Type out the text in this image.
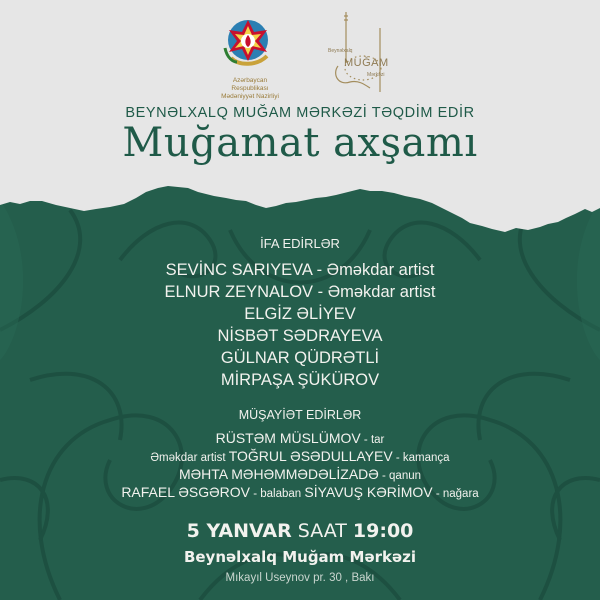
Azərbaycan Respublikası
Mədəniyyət Nazirliyi
Beynəlxalq
MUĞAM
Mərkəzi
BEYNƏLXALQ MUĞAM MƏRKƏZİ TƏQDİM EDİR
Muğamat axşamı
İFA EDİRLƏR
SEVİNC SARIYEVA - Əməkdar artist
ELNUR ZEYNALOV - Əməkdar artist
ELGİZ ƏLİYEV
NİSBƏT SƏDRAYEVA
GÜLNAR QÜDRƏTLİ
MİRPAŞA ŞÜKÜROV
MÜŞAYİƏT EDİRLƏR
RÜSTƏM MÜSLÜMOV - tar
Əməkdar artist TOĞRUL ƏSƏDULLAYEV - kamança
MƏHTA MƏHƏMMƏDƏLİZADƏ - qanun
RAFAEL ƏSGƏROV - balaban SİYAVUŞ KƏRİMOV - nağara
5 YANVAR SAAT 19:00
Beynəlxalq Muğam Mərkəzi
Mıkayıl Useynov pr. 30 , Bakı
